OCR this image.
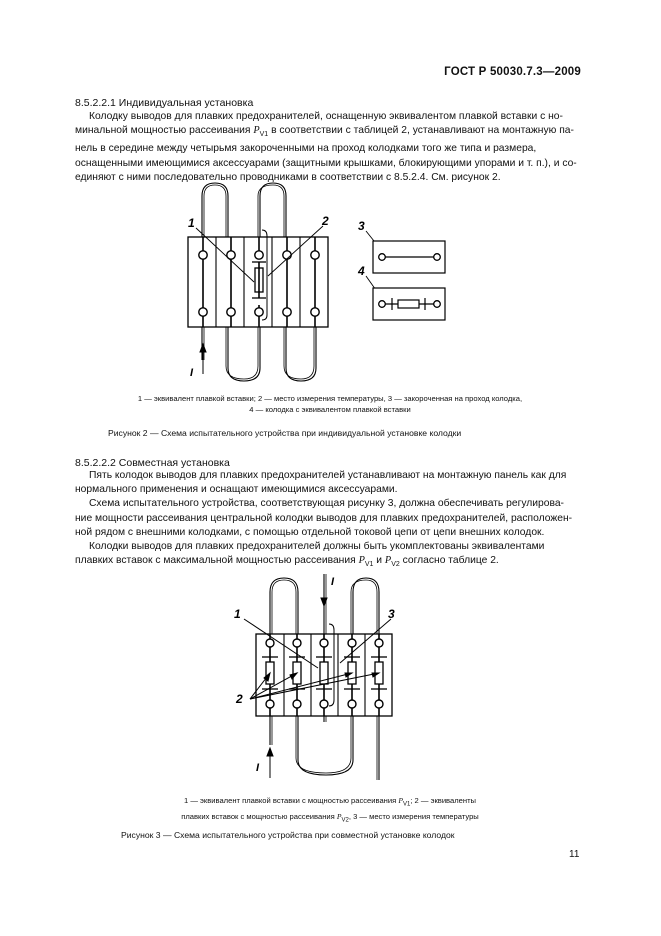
ГОСТ Р 50030.7.3—2009
8.5.2.2.1 Индивидуальная установка
Колодку выводов для плавких предохранителей, оснащенную эквивалентом плавкой вставки с но-
минальной мощностью рассеивания $P_{V1}$ в соответствии с таблицей 2, устанавливают на монтажную па-
нель в середине между четырьмя закороченными на проход колодками того же типа и размера,
оснащенными имеющимися аксессуарами (защитными крышками, блокирующими упорами и т. п.), и со-
единяют с ними последовательно проводниками в соответствии с 8.5.2.4. См. рисунок 2.
1	2 3
4
I
1 — эквивалент плавкой вставки; 2 — место измерения температуры, 3 — закороченная на проход колодка,
4 — колодка с эквивалентом плавкой вставки
Рисунок 2 — Схема испытательного устройства при индивидуальной установке колодки
8.5.2.2.2 Совместная установка
Пять колодок выводов для плавких предохранителей устанавливают на монтажную панель как для
нормального применения и оснащают имеющимися аксессуарами.
Схема испытательного устройства, соответствующая рисунку 3, должна обеспечивать регулирова-
ние мощности рассеивания центральной колодки выводов для плавких предохранителей, расположен-
ной рядом с внешними колодками, с помощью отдельной токовой цепи от цепи внешних колодок.
Колодки выводов для плавких предохранителей должны быть укомплектованы эквивалентами
плавких вставок с максимальной мощностью рассеивания $P_{V1}$ и $P_{V2}$ согласно таблице 2.
1
2
3
I
I
1 — эквивалент плавкой вставки с мощностью рассеивания $P_{V1}$; 2 — эквиваленты
плавких вставок с мощностью рассеивания $P_{V2}$, 3 — место измерения температуры
Рисунок 3 — Схема испытательного устройства при совместной установке колодок
11
